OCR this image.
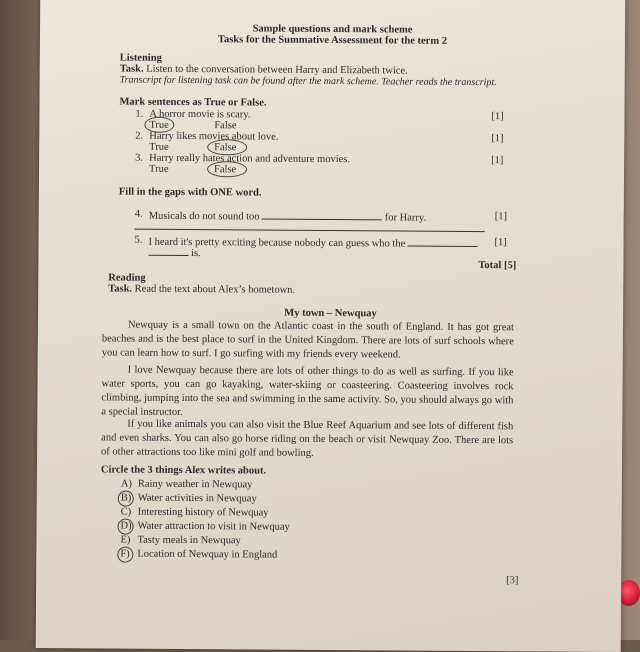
Sample questions and mark scheme
Tasks for the Summative Assessment for the term 2
Listening
Task. Listen to the conversation between Harry and Elizabeth twice.
Transcript for listening task can be found after the mark scheme. Teacher reads the transcript.
Mark sentences as True or False.
1. A horror movie is scary.	[1]
True	False
2. Harry likes movies about love.	[1]
True	False
3. Harry really hates action and adventure movies.	[1]
True	False
Fill in the gaps with ONE word.
4. Musicals do not sound too	for Harry.	[1]
5. I heard it's pretty exciting because nobody can guess who the	[1]
is.
Total [5]
Reading
Task. Read the text about Alex’s hometown.
My town – Newquay
Newquay is a small town on the Atlantic coast in the south of England. It has got great beaches and is the best place to surf in the United Kingdom. There are lots of surf schools where you can learn how to surf. I go surfing with my friends every weekend.
I love Newquay because there are lots of other things to do as well as surfing. If you like water sports, you can go kayaking, water-skiing or coasteering. Coasteering involves rock climbing, jumping into the sea and swimming in the same activity. So, you should always go with a special instructor.
If you like animals you can also visit the Blue Reef Aquarium and see lots of different fish and even sharks. You can also go horse riding on the beach or visit Newquay Zoo. There are lots of other attractions too like mini golf and bowling.
Circle the 3 things Alex writes about.
A) Rainy weather in Newquay
B) Water activities in Newquay
C) Interesting history of Newquay
D) Water attraction to visit in Newquay
E) Tasty meals in Newquay
F) Location of Newquay in England
[3]
